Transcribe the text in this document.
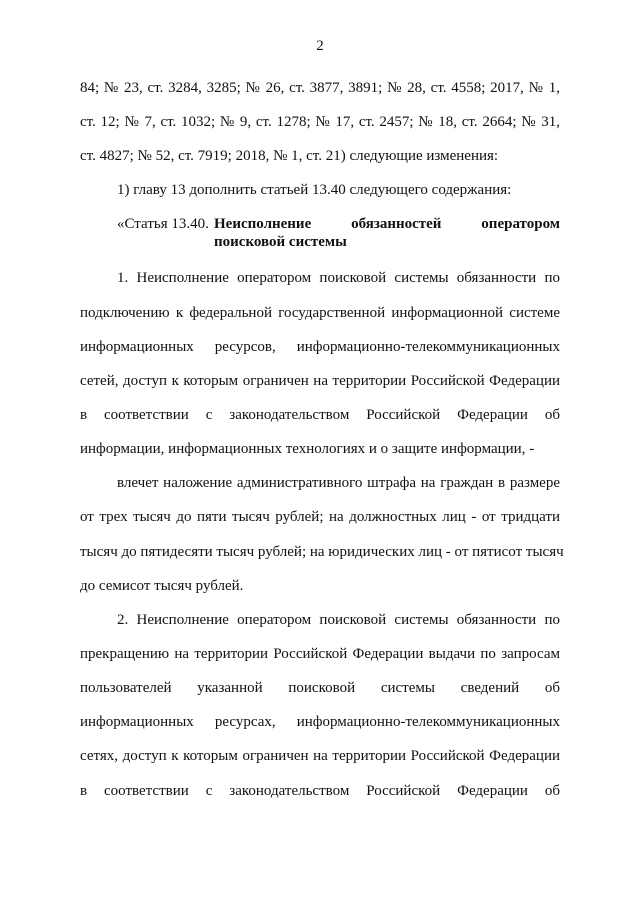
2
84; № 23, ст. 3284, 3285; № 26, ст. 3877, 3891; № 28, ст. 4558; 2017, № 1,
ст. 12; № 7, ст. 1032; № 9, ст. 1278; № 17, ст. 2457; № 18, ст. 2664; № 31,
ст. 4827; № 52, ст. 7919; 2018, № 1, ст. 21) следующие изменения:
1) главу 13 дополнить статьей 13.40 следующего содержания:
«Статья 13.40. Неисполнение обязанностей оператором
поисковой системы
1. Неисполнение оператором поисковой системы обязанности по
подключению к федеральной государственной информационной системе
информационных ресурсов, информационно-телекоммуникационных
сетей, доступ к которым ограничен на территории Российской Федерации
в соответствии с законодательством Российской Федерации об
информации, информационных технологиях и о защите информации, -
влечет наложение административного штрафа на граждан в размере
от трех тысяч до пяти тысяч рублей; на должностных лиц - от тридцати
тысяч до пятидесяти тысяч рублей; на юридических лиц - от пятисот тысяч
до семисот тысяч рублей.
2. Неисполнение оператором поисковой системы обязанности по
прекращению на территории Российской Федерации выдачи по запросам
пользователей указанной поисковой системы сведений об
информационных ресурсах, информационно-телекоммуникационных
сетях, доступ к которым ограничен на территории Российской Федерации
в соответствии с законодательством Российской Федерации об
